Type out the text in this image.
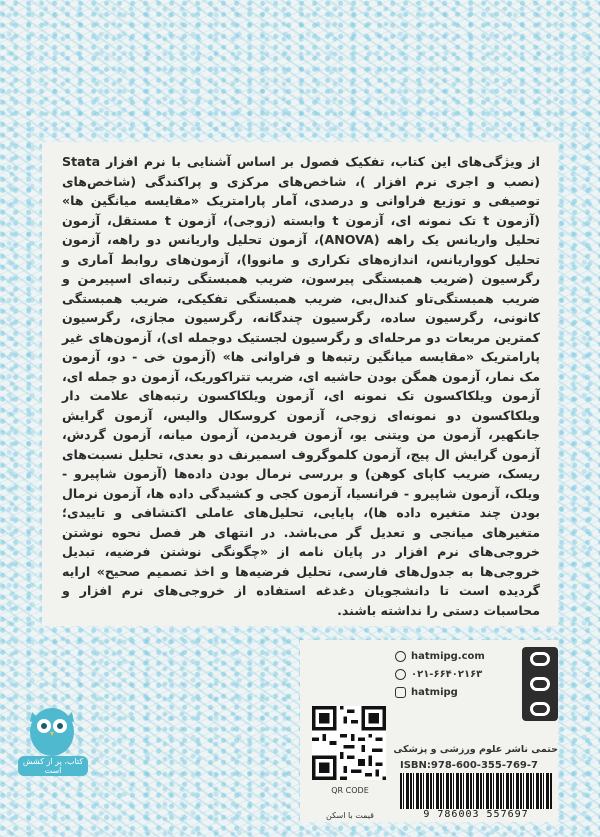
از ویژگی‌های این کتاب، تفکیک فصول بر اساس آشنایی با نرم افزار Stata (نصب و اجری نرم افزار )، شاخص‌های مرکزی و پراکندگی (شاخص‌های توصیفی و توزیع فراوانی و درصدی، آمار پارامتریک «مقایسه میانگین ها» (آزمون t تک نمونه ای، آزمون t وابسته (زوجی)، آزمون t مستقل، آزمون تحلیل واریانس یک راهه (ANOVA)، آزمون تحلیل واریانس دو راهه، آزمون تحلیل کوواریانس، اندازه‌های تکراری و مانووا)، آزمون‌های روابط آماری و رگرسیون (ضریب همبستگی پیرسون، ضریب همبستگی رتبه‌ای اسپیرمن و ضریب همبستگی‌تاو کندال‌بی، ضریب همبستگی تفکیکی، ضریب همبستگی کانونی، رگرسیون ساده، رگرسیون چندگانه، رگرسیون مجازی، رگرسیون کمترین مربعات دو مرحله‌ای و رگرسیون لجستیک دوجمله ای)، آزمون‌های غیر پارامتریک «مقایسه میانگین رتبه‌ها و فراوانی ها» (آزمون خی - دو، آزمون مک نمار، آزمون همگن بودن حاشیه ای، ضریب تتراکوریک، آزمون دو جمله ای، آزمون ویلکاکسون تک نمونه ای، آزمون ویلکاکسون رتبه‌های علامت دار ویلکاکسون دو نمونه‌ای زوجی، آزمون کروسکال والیس، آزمون گرایش جانکهیر، آزمون من ویتنی یو، آزمون فریدمن، آزمون میانه، آزمون گردش، آزمون گرایش ال پیج، آزمون کلموگروف اسمیرنف دو بعدی، تحلیل نسبت‌های ریسک، ضریب کاپای کوهن) و بررسی نرمال بودن داده‌ها (آزمون شاپیرو - ویلک، آزمون شاپیرو - فرانسیا، آزمون کجی و کشیدگی داده ها، آزمون نرمال بودن چند متغیره داده ها)، پایایی، تحلیل‌های عاملی اکتشافی و تاییدی؛ متغیرهای میانجی و تعدیل گر می‌باشد. در انتهای هر فصل نحوه نوشتن خروجی‌های نرم افزار در پایان نامه از «چگونگی نوشتن فرضیه، تبدیل خروجی‌ها به جدول‌های فارسی، تحلیل فرضیه‌ها و اخذ تصمیم صحیح» ارایه گردیده است تا دانشجویان دغدغه استفاده از خروجی‌های نرم افزار و محاسبات دستی را نداشته باشند.

hatmipg.com
۰۲۱-۶۶۴۰۲۱۶۳
hatmipg
حتمی ناشر علوم ورزشی و پزشکی
ISBN:978-600-355-769-7
9 786003 557697
QR CODE
قیمت با اسکن
کتاب، پر از کشش است
